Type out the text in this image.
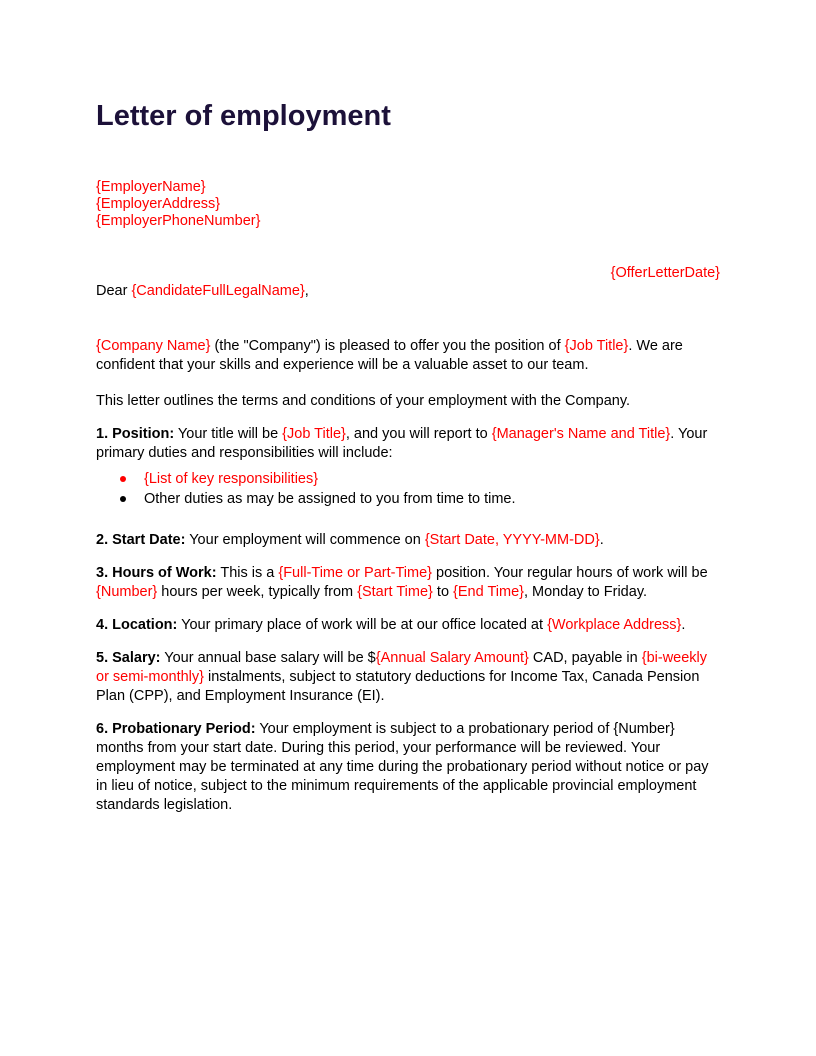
Letter of employment
{EmployerName}
{EmployerAddress}
{EmployerPhoneNumber}
{OfferLetterDate}

Dear {CandidateFullLegalName},

{Company Name} (the "Company") is pleased to offer you the position of {Job Title}. We are confident that your skills and experience will be a valuable asset to our team.

This letter outlines the terms and conditions of your employment with the Company.

1. Position: Your title will be {Job Title}, and you will report to {Manager's Name and Title}. Your primary duties and responsibilities will include:

{List of key responsibilities}
Other duties as may be assigned to you from time to time.

2. Start Date: Your employment will commence on {Start Date, YYYY-MM-DD}.

3. Hours of Work: This is a {Full-Time or Part-Time} position. Your regular hours of work will be {Number} hours per week, typically from {Start Time} to {End Time}, Monday to Friday.

4. Location: Your primary place of work will be at our office located at {Workplace Address}.

5. Salary: Your annual base salary will be ${Annual Salary Amount} CAD, payable in {bi-weekly or semi-monthly} instalments, subject to statutory deductions for Income Tax, Canada Pension Plan (CPP), and Employment Insurance (EI).

6. Probationary Period: Your employment is subject to a probationary period of {Number} months from your start date. During this period, your performance will be reviewed. Your employment may be terminated at any time during the probationary period without notice or pay in lieu of notice, subject to the minimum requirements of the applicable provincial employment standards legislation.
